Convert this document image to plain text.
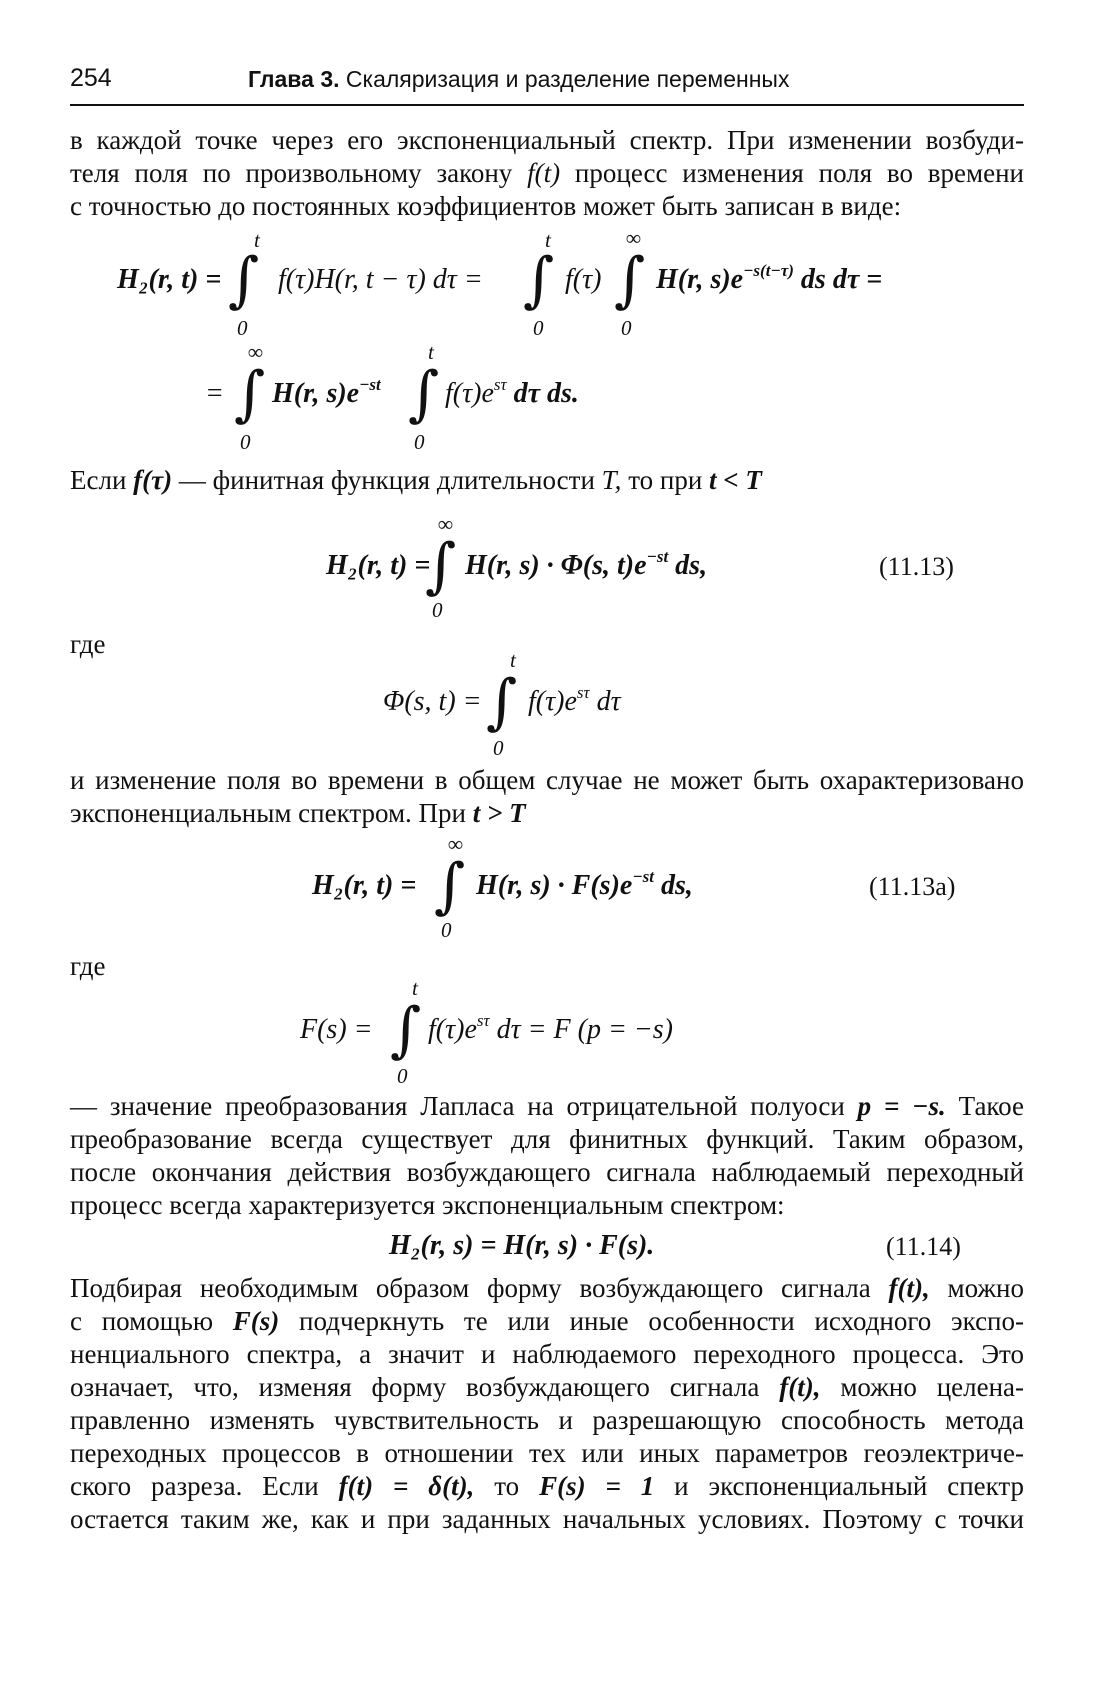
254	Глава 3. Скаляризация и разделение переменных
в каждой точке через его экспоненциальный спектр. При изменении возбуди-
теля поля по произвольному закону f(t) процесс изменения поля во времени
с точностью до постоянных коэффициентов может быть записан в виде:
H₂(r, t) = ∫
t
0
f(τ)H(r, t − τ) dτ = ∫
t
0
f(τ) ∫
∞
0
H(r, $s)e^{-s(t-\tau)}$ ds dτ =
= ∫
∞
0
H(r, $s)e^{-st}$ ∫
t
0
$f(\tau)e^{s\tau}$ dτ ds.
Если f(τ) — финитная функция длительности T, то при t < T
H₂(r, t) =
∫
∞
0
H(r, s) · Φ(s, $t)e^{-st}$ ds,	(11.13)
где
Φ(s, t) = ∫
t
0
$f(\tau)e^{s\tau}$ dτ
и изменение поля во времени в общем случае не может быть охарактеризовано
экспоненциальным спектром. При t > T
H₂(r, t) = ∫
∞
0
H(r, $s) \cdot F(s)e^{-st}$ ds,	(11.13a)
где
F(s) = ∫
t
0
$f(\tau)e^{s\tau}$ dτ = F (p = −s)
— значение преобразования Лапласа на отрицательной полуоси p = −s. Такое
преобразование всегда существует для финитных функций. Таким образом,
после окончания действия возбуждающего сигнала наблюдаемый переходный
процесс всегда характеризуется экспоненциальным спектром:
H₂(r, s) = H(r, s) · F(s).	(11.14)
Подбирая необходимым образом форму возбуждающего сигнала f(t), можно
с помощью F(s) подчеркнуть те или иные особенности исходного экспо-
ненциального спектра, а значит и наблюдаемого переходного процесса. Это
означает, что, изменяя форму возбуждающего сигнала f(t), можно целена-
правленно изменять чувствительность и разрешающую способность метода
переходных процессов в отношении тех или иных параметров геоэлектриче-
ского разреза. Если f(t) = δ(t), то F(s) = 1 и экспоненциальный спектр
остается таким же, как и при заданных начальных условиях. Поэтому с точки
